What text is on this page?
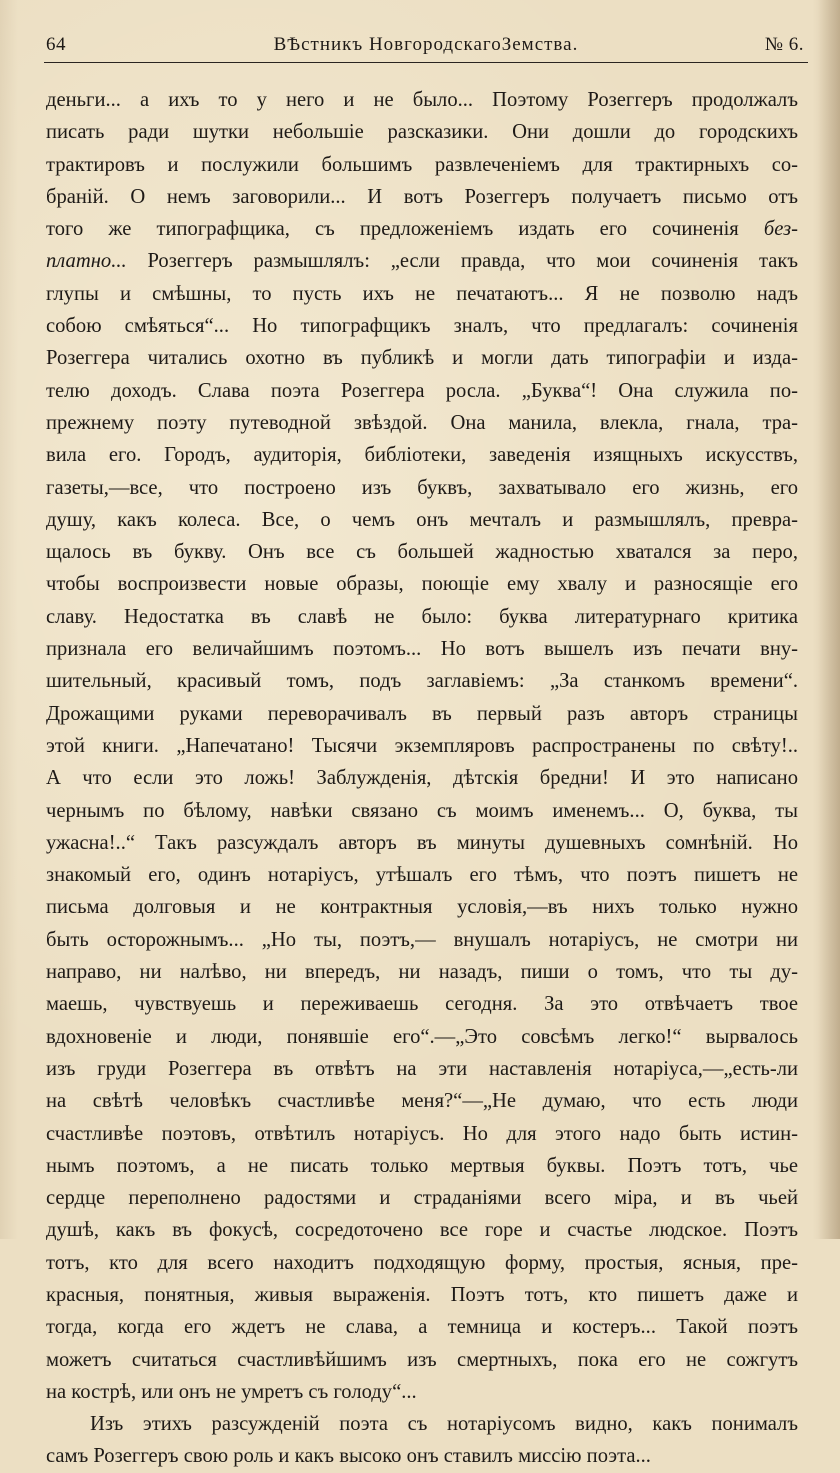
64	ВѢстникъ НовгородскагоЗемства.	№ 6.
деньги... а ихъ то у него и не было... Поэтому Розеггеръ продолжалъ
писать ради шутки небольшіе разсказики. Они дошли до городскихъ
трактировъ и послужили большимъ развлеченіемъ для трактирныхъ со-
браній. О немъ заговорили... И вотъ Розеггеръ получаетъ письмо отъ
того же типографщика, съ предложеніемъ издать его сочиненія без-
платно... Розеггеръ размышлялъ: „если правда, что мои сочиненія такъ
глупы и смѣшны, то пусть ихъ не печатаютъ... Я не позволю надъ
собою смѣяться“... Но типографщикъ зналъ, что предлагалъ: сочиненія
Розеггера читались охотно въ публикѣ и могли дать типографіи и изда-
телю доходъ. Слава поэта Розеггера росла. „Буква“! Она служила по-
прежнему поэту путеводной звѣздой. Она манила, влекла, гнала, тра-
вила его. Городъ, аудиторія, библіотеки, заведенія изящныхъ искусствъ,
газеты,—все, что построено изъ буквъ, захватывало его жизнь, его
душу, какъ колеса. Все, о чемъ онъ мечталъ и размышлялъ, превра-
щалось въ букву. Онъ все съ большей жадностью хватался за перо,
чтобы воспроизвести новые образы, поющіе ему хвалу и разносящіе его
славу. Недостатка въ славѣ не было: буква литературнаго критика
признала его величайшимъ поэтомъ... Но вотъ вышелъ изъ печати вну-
шительный, красивый томъ, подъ заглавіемъ: „За станкомъ времени“.
Дрожащими руками переворачивалъ въ первый разъ авторъ страницы
этой книги. „Напечатано! Тысячи экземпляровъ распространены по свѣту!..
А что если это ложь! Заблужденія, дѣтскія бредни! И это написано
чернымъ по бѣлому, навѣки связано съ моимъ именемъ... О, буква, ты
ужасна!..“ Такъ разсуждалъ авторъ въ минуты душевныхъ сомнѣній. Но
знакомый его, одинъ нотаріусъ, утѣшалъ его тѣмъ, что поэтъ пишетъ не
письма долговыя и не контрактныя условія,—въ нихъ только нужно
быть осторожнымъ... „Но ты, поэтъ,— внушалъ нотаріусъ, не смотри ни
направо, ни налѣво, ни впередъ, ни назадъ, пиши о томъ, что ты ду-
маешь, чувствуешь и переживаешь сегодня. За это отвѣчаетъ твое
вдохновеніе и люди, понявшіе его“.—„Это совсѣмъ легко!“ вырвалось
изъ груди Розеггера въ отвѣтъ на эти наставленія нотаріуса,—„есть-ли
на свѣтѣ человѣкъ счастливѣе меня?“—„Не думаю, что есть люди
счастливѣе поэтовъ, отвѣтилъ нотаріусъ. Но для этого надо быть истин-
нымъ поэтомъ, а не писать только мертвыя буквы. Поэтъ тотъ, чье
сердце переполнено радостями и страданіями всего міра, и въ чьей
душѣ, какъ въ фокусѣ, сосредоточено все горе и счастье людское. Поэтъ
тотъ, кто для всего находитъ подходящую форму, простыя, ясныя, пре-
красныя, понятныя, живыя выраженія. Поэтъ тотъ, кто пишетъ даже и
тогда, когда его ждетъ не слава, а темница и костеръ... Такой поэтъ
можетъ считаться счастливѣйшимъ изъ смертныхъ, пока его не сожгутъ
на кострѣ, или онъ не умретъ съ голоду“...
Изъ этихъ разсужденій поэта съ нотаріусомъ видно, какъ понималъ
самъ Розеггеръ свою роль и какъ высоко онъ ставилъ миссію поэта...
